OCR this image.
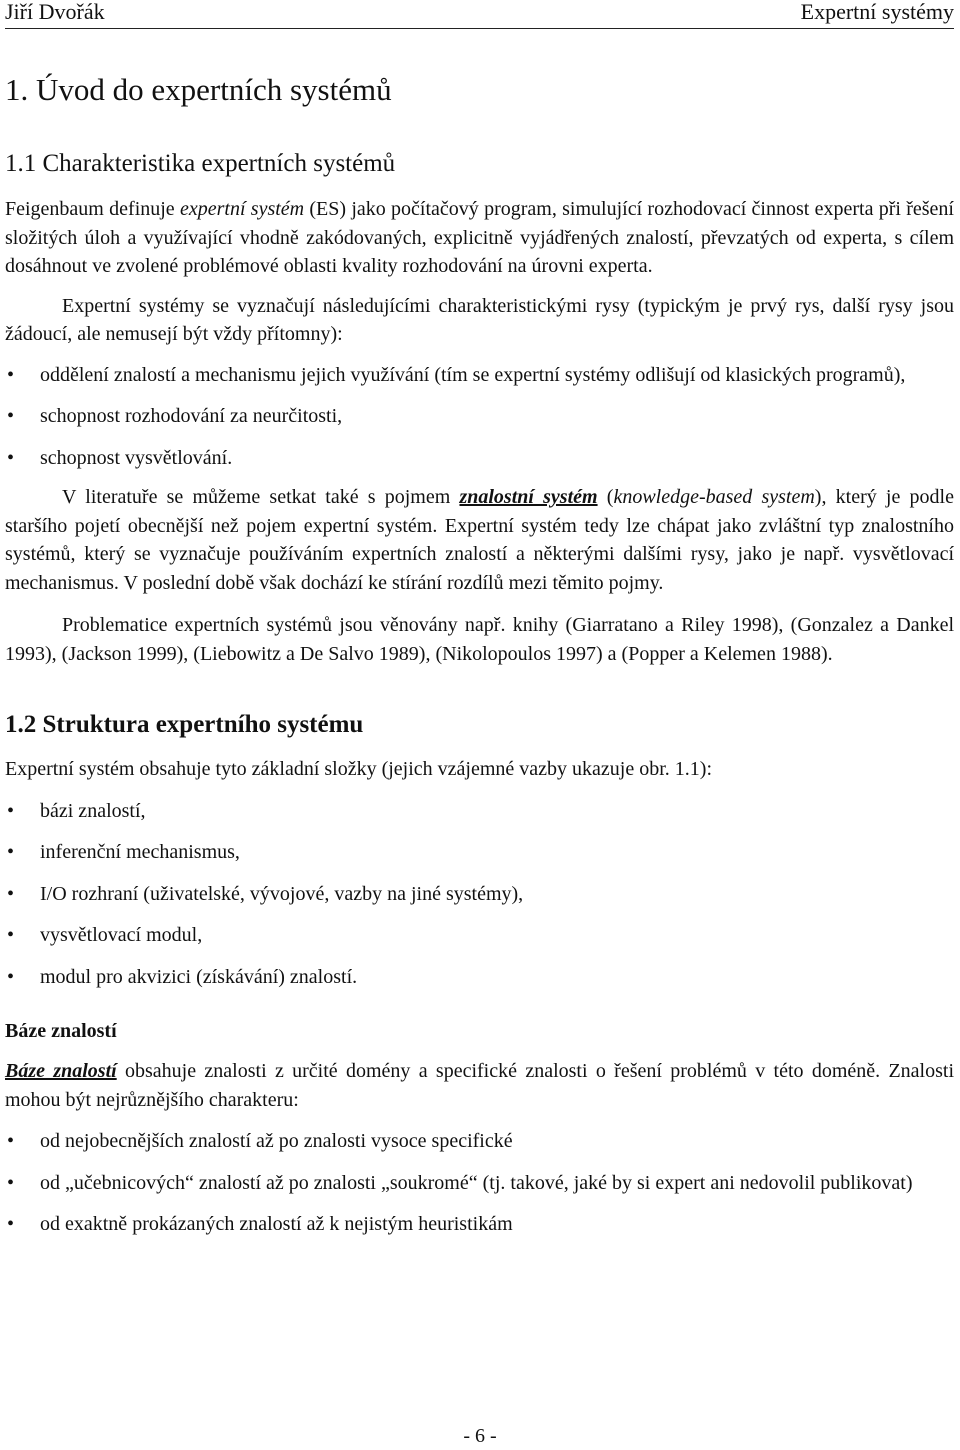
Jiří Dvořák	Expertní systémy
1. Úvod do expertních systémů
1.1 Charakteristika expertních systémů

Feigenbaum definuje expertní systém (ES) jako počítačový program, simulující rozhodovací činnost experta při řešení složitých úloh a využívající vhodně zakódovaných, explicitně vyjádřených znalostí, převzatých od experta, s cílem dosáhnout ve zvolené problémové oblasti kvality rozhodování na úrovni experta.

Expertní systémy se vyznačují následujícími charakteristickými rysy (typickým je prvý rys, další rysy jsou žádoucí, ale nemusejí být vždy přítomny):

• oddělení znalostí a mechanismu jejich využívání (tím se expertní systémy odlišují od klasických programů),
• schopnost rozhodování za neurčitosti,
• schopnost vysvětlování.

V literatuře se můžeme setkat také s pojmem znalostní systém (knowledge-based system), který je podle staršího pojetí obecnější než pojem expertní systém. Expertní systém tedy lze chápat jako zvláštní typ znalostního systémů, který se vyznačuje používáním expertních znalostí a některými dalšími rysy, jako je např. vysvětlovací mechanismus. V poslední době však dochází ke stírání rozdílů mezi těmito pojmy.

Problematice expertních systémů jsou věnovány např. knihy (Giarratano a Riley 1998), (Gonzalez a Dankel 1993), (Jackson 1999), (Liebowitz a De Salvo 1989), (Nikolopoulos 1997) a (Popper a Kelemen 1988).

1.2 Struktura expertního systému

Expertní systém obsahuje tyto základní složky (jejich vzájemné vazby ukazuje obr. 1.1):

• bázi znalostí,
• inferenční mechanismus,
• I/O rozhraní (uživatelské, vývojové, vazby na jiné systémy),
• vysvětlovací modul,
• modul pro akvizici (získávání) znalostí.
Báze znalostí

Báze znalostí obsahuje znalosti z určité domény a specifické znalosti o řešení problémů v této doméně. Znalosti mohou být nejrůznějšího charakteru:

• od nejobecnějších znalostí až po znalosti vysoce specifické
• od „učebnicových“ znalostí až po znalosti „soukromé“ (tj. takové, jaké by si expert ani nedovolil publikovat)
• od exaktně prokázaných znalostí až k nejistým heuristikám
- 6 -
